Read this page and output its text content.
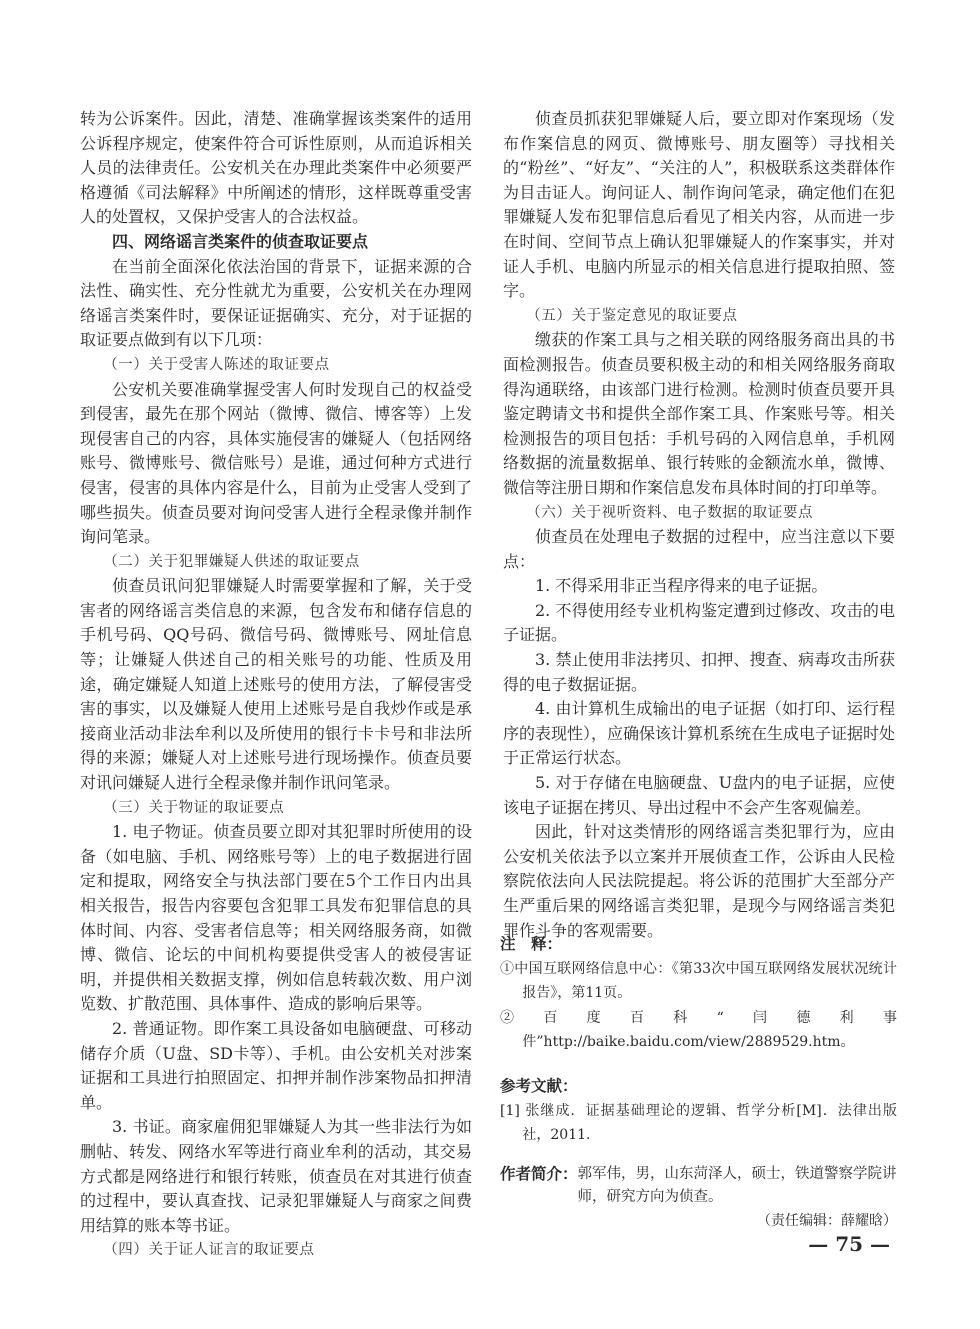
转为公诉案件。因此，清楚、准确掌握该类案件的适用公诉程序规定，使案件符合可诉性原则，从而追诉相关人员的法律责任。公安机关在办理此类案件中必须要严格遵循《司法解释》中所阐述的情形，这样既尊重受害人的处置权，又保护受害人的合法权益。

四、网络谣言类案件的侦查取证要点

在当前全面深化依法治国的背景下，证据来源的合法性、确实性、充分性就尤为重要，公安机关在办理网络谣言类案件时，要保证证据确实、充分，对于证据的取证要点做到有以下几项：

（一）关于受害人陈述的取证要点

公安机关要准确掌握受害人何时发现自己的权益受到侵害，最先在那个网站（微博、微信、博客等）上发现侵害自己的内容，具体实施侵害的嫌疑人（包括网络账号、微博账号、微信账号）是谁，通过何种方式进行侵害，侵害的具体内容是什么，目前为止受害人受到了哪些损失。侦查员要对询问受害人进行全程录像并制作询问笔录。

（二）关于犯罪嫌疑人供述的取证要点

侦查员讯问犯罪嫌疑人时需要掌握和了解，关于受害者的网络谣言类信息的来源，包含发布和储存信息的手机号码、QQ号码、微信号码、微博账号、网址信息等；让嫌疑人供述自己的相关账号的功能、性质及用途，确定嫌疑人知道上述账号的使用方法，了解侵害受害的事实，以及嫌疑人使用上述账号是自我炒作或是承接商业活动非法牟利以及所使用的银行卡卡号和非法所得的来源；嫌疑人对上述账号进行现场操作。侦查员要对讯问嫌疑人进行全程录像并制作讯问笔录。

（三）关于物证的取证要点

1. 电子物证。侦查员要立即对其犯罪时所使用的设备（如电脑、手机、网络账号等）上的电子数据进行固定和提取，网络安全与执法部门要在5个工作日内出具相关报告，报告内容要包含犯罪工具发布犯罪信息的具体时间、内容、受害者信息等；相关网络服务商，如微博、微信、论坛的中间机构要提供受害人的被侵害证明，并提供相关数据支撑，例如信息转载次数、用户浏览数、扩散范围、具体事件、造成的影响后果等。

2. 普通证物。即作案工具设备如电脑硬盘、可移动储存介质（U盘、SD卡等）、手机。由公安机关对涉案证据和工具进行拍照固定、扣押并制作涉案物品扣押清单。

3. 书证。商家雇佣犯罪嫌疑人为其一些非法行为如删帖、转发、网络水军等进行商业牟利的活动，其交易方式都是网络进行和银行转账，侦查员在对其进行侦查的过程中，要认真查找、记录犯罪嫌疑人与商家之间费用结算的账本等书证。

（四）关于证人证言的取证要点

侦查员抓获犯罪嫌疑人后，要立即对作案现场（发布作案信息的网页、微博账号、朋友圈等）寻找相关的“粉丝”、“好友”、“关注的人”，积极联系这类群体作为目击证人。询问证人、制作询问笔录，确定他们在犯罪嫌疑人发布犯罪信息后看见了相关内容，从而进一步在时间、空间节点上确认犯罪嫌疑人的作案事实，并对证人手机、电脑内所显示的相关信息进行提取拍照、签字。

（五）关于鉴定意见的取证要点

缴获的作案工具与之相关联的网络服务商出具的书面检测报告。侦查员要积极主动的和相关网络服务商取得沟通联络，由该部门进行检测。检测时侦查员要开具鉴定聘请文书和提供全部作案工具、作案账号等。相关检测报告的项目包括：手机号码的入网信息单，手机网络数据的流量数据单、银行转账的金额流水单，微博、微信等注册日期和作案信息发布具体时间的打印单等。

（六）关于视听资料、电子数据的取证要点

侦查员在处理电子数据的过程中，应当注意以下要点：

1. 不得采用非正当程序得来的电子证据。

2. 不得使用经专业机构鉴定遭到过修改、攻击的电子证据。

3. 禁止使用非法拷贝、扣押、搜查、病毒攻击所获得的电子数据证据。

4. 由计算机生成输出的电子证据（如打印、运行程序的表现性），应确保该计算机系统在生成电子证据时处于正常运行状态。

5. 对于存储在电脑硬盘、U盘内的电子证据，应使该电子证据在拷贝、导出过程中不会产生客观偏差。

因此，针对这类情形的网络谣言类犯罪行为，应由公安机关依法予以立案并开展侦查工作，公诉由人民检察院依法向人民法院提起。将公诉的范围扩大至部分产生严重后果的网络谣言类犯罪，是现今与网络谣言类犯罪作斗争的客观需要。

注　释：

①中国互联网络信息中心：《第33次中国互联网络发展状况统计报告》，第11页。

②百度百科“闫德利事件”http://baike.baidu.com/view/2889529.htm。

参考文献：

[1] 张继成．证据基础理论的逻辑、哲学分析[M]．法律出版社，2011.

作者简介： 郭军伟，男，山东菏泽人，硕士，铁道警察学院讲师，研究方向为侦查。
（责任编辑：薛耀晗）
— 75 —
